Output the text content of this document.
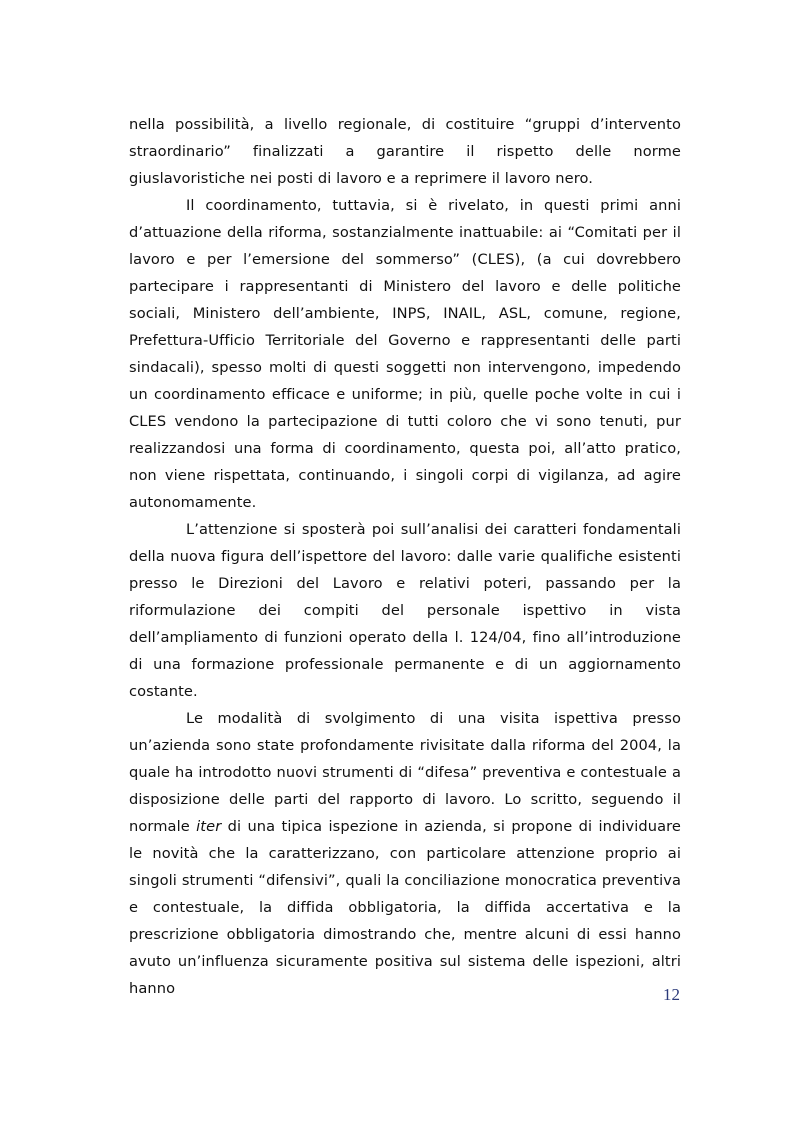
nella possibilità, a livello regionale, di costituire “gruppi d’intervento straordinario” finalizzati a garantire il rispetto delle norme giuslavoristiche nei posti di lavoro e a reprimere il lavoro nero.

Il coordinamento, tuttavia, si è rivelato, in questi primi anni d’attuazione della riforma, sostanzialmente inattuabile: ai “Comitati per il lavoro e per l’emersione del sommerso” (CLES), (a cui dovrebbero partecipare i rappresentanti di Ministero del lavoro e delle politiche sociali, Ministero dell’ambiente, INPS, INAIL, ASL, comune, regione, Prefettura-Ufficio Territoriale del Governo e rappresentanti delle parti sindacali), spesso molti di questi soggetti non intervengono, impedendo un coordinamento efficace e uniforme; in più, quelle poche volte in cui i CLES vendono la partecipazione di tutti coloro che vi sono tenuti, pur realizzandosi una forma di coordinamento, questa poi, all’atto pratico, non viene rispettata, continuando, i singoli corpi di vigilanza, ad agire autonomamente.

L’attenzione si sposterà poi sull’analisi dei caratteri fondamentali della nuova figura dell’ispettore del lavoro: dalle varie qualifiche esistenti presso le Direzioni del Lavoro e relativi poteri, passando per la riformulazione dei compiti del personale ispettivo in vista dell’ampliamento di funzioni operato della l. 124/04, fino all’introduzione di una formazione professionale permanente e di un aggiornamento costante.

Le modalità di svolgimento di una visita ispettiva presso un’azienda sono state profondamente rivisitate dalla riforma del 2004, la quale ha introdotto nuovi strumenti di “difesa” preventiva e contestuale a disposizione delle parti del rapporto di lavoro. Lo scritto, seguendo il normale iter di una tipica ispezione in azienda, si propone di individuare le novità che la caratterizzano, con particolare attenzione proprio ai singoli strumenti “difensivi”, quali la conciliazione monocratica preventiva e contestuale, la diffida obbligatoria, la diffida accertativa e la prescrizione obbligatoria dimostrando che, mentre alcuni di essi hanno avuto un’influenza sicuramente positiva sul sistema delle ispezioni, altri hanno	12
